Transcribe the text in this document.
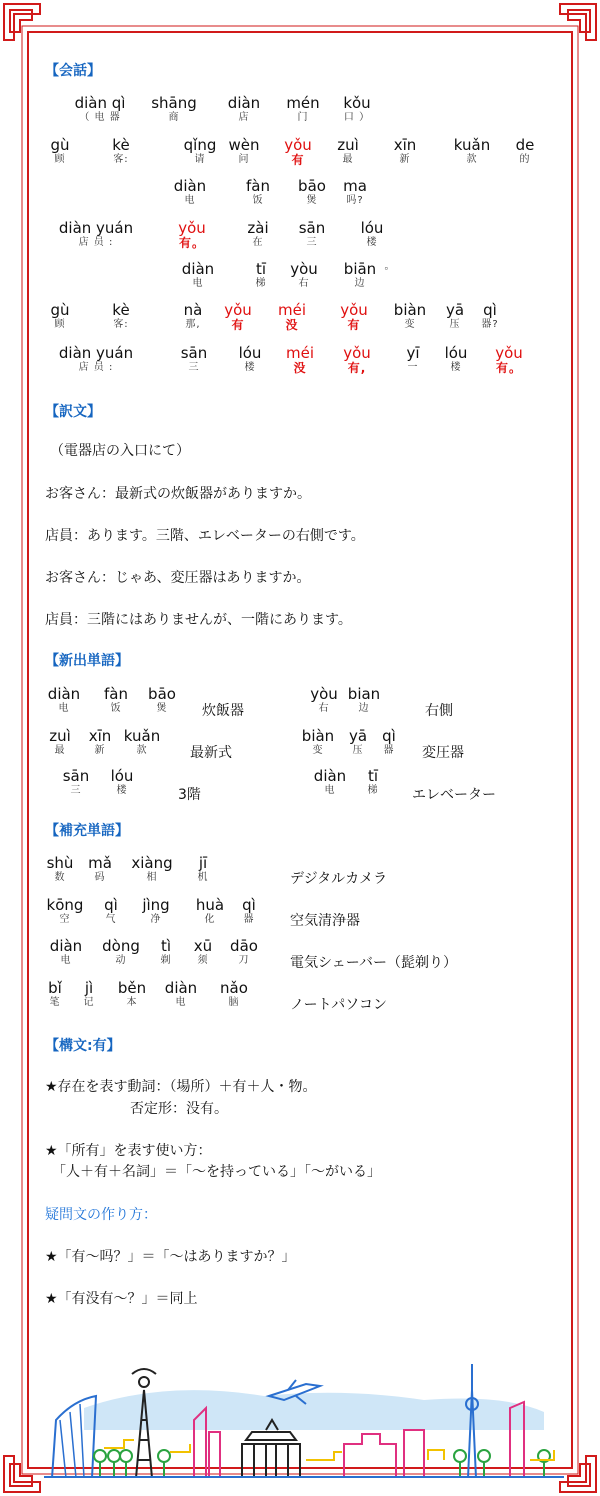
【会話】
【訳文】
【新出単語】
【補充単語】
【構文:有】
diàn qì
（ 电 器
shāng
商
diàn
店
mén
门
kǒu
口 ）
gù
顾
kè
客:
qǐng
请
wèn
问
yǒu
有
zuì
最
xīn
新
kuǎn
款
de
的
diàn
电
fàn
饭
bāo
煲
ma
吗?
diàn yuán
店 员 :
yǒu
有。
zài
在
sān
三
lóu
楼
diàn
电
tī
梯
yòu
右
biān
边
。
gù
顾
kè
客:
nà
那,
yǒu
有
méi
没
yǒu
有
biàn
变
yā
压
qì
器?
diàn yuán
店 员 :
sān
三
lóu
楼
méi
没
yǒu
有,
yī
一
lóu
楼
yǒu
有。
（電器店の入口にて）
お客さん：最新式の炊飯器がありますか。
店員：あります。三階、エレベーターの右側です。
お客さん：じゃあ、変圧器はありますか。
店員：三階にはありませんが、一階にあります。
diàn
电
fàn
饭
bāo
煲	炊飯器
yòu
右
bian
边	右側
zuì
最
xīn
新
kuǎn
款	最新式
biàn
变
yā
压
qì
器	変圧器
sān
三
lóu
楼	3階
diàn
电
tī
梯	エレベーター
shù
数
mǎ
码
xiàng
相
jī
机	デジタルカメラ
kōng
空
qì
气
jìng
净
huà
化
qì
器	空気清浄器
diàn
电
dòng
动
tì
剃
xū
须
dāo
刀	電気シェーバー（髭剃り）
bǐ
笔
jì
记
běn
本
diàn
电
nǎo
脑	ノートパソコン
★存在を表す動詞：（場所）＋有＋人・物。
否定形：没有。
★「所有」を表す使い方：
「人＋有＋名詞」＝「～を持っている」「～がいる」
疑問文の作り方：
★「有～吗？」＝「～はありますか？」
★「有没有～？」＝同上
